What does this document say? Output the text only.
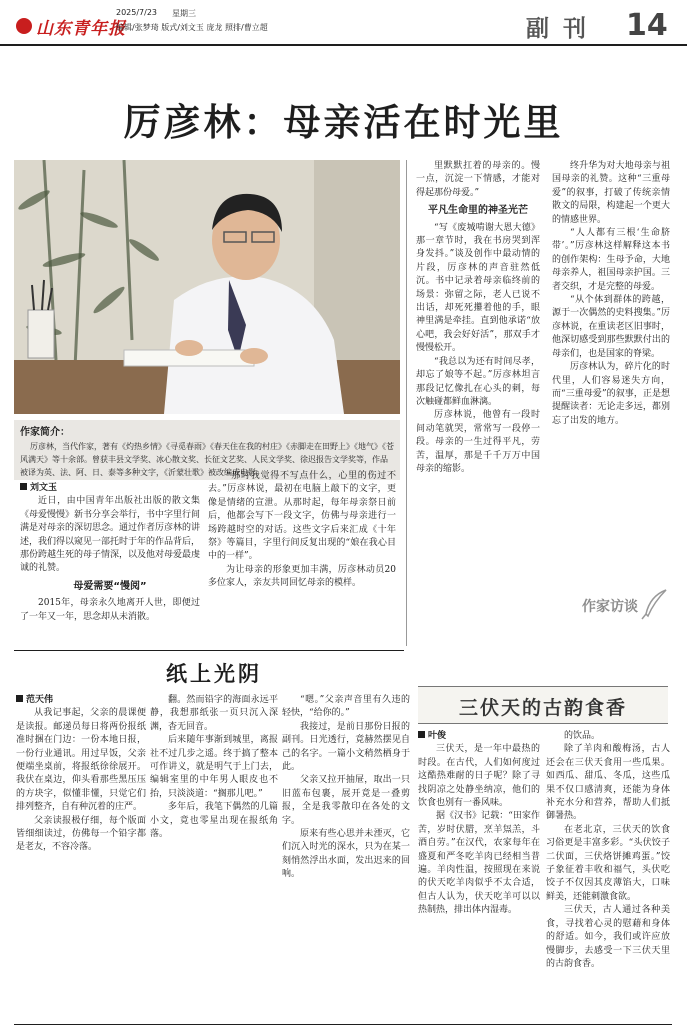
山东青年报
2025/7/23 星期三
编辑/张梦琦 版式/刘文玉 庞龙 照排/曹立超	副刊 14
厉彦林：母亲活在时光里
作家简介：
厉彦林，当代作家，著有《灼热乡情》《寻觅春雨》《春天住在我的村庄》《赤脚走在田野上》《地气》《苍风满天》等十余部。曾获丰县文学奖、冰心散文奖、长征文艺奖、人民文学奖、徐迟报告文学奖等，作品被译为英、法、阿、日、泰等多种文字，《沂蒙壮歌》被改编成电影。
刘文玉

近日，由中国青年出版社出版的散文集《母爱慢慢》新书分享会举行，书中字里行间满是对母亲的深切思念。通过作者厉彦林的讲述，我们得以窥见一部托时于年的作品背后，那份跨越生死的母子情深，以及他对母爱最虔诚的礼赞。

母爱需要“慢阅”

2015年，母亲永久地离开人世，即便过了一年又一年，思念却从未消散。

“那时我觉得不写点什么，心里的伤过不去。”厉彦林说，最初在电脑上敲下的文字，更像是情绪的宣泄。从那时起，每年母亲祭日前后，他都会写下一段文字，仿佛与母亲进行一场跨越时空的对话。这些文字后来汇成《十年祭》等篇目，字里行间反复出现的“娘在我心目中的一样”。

为让母亲的形象更加丰满，厉彦林动员20多位家人，亲友共同回忆母亲的模样。

里默默扛着的母亲的。慢一点，沉淀一下情感，才能对得起那份母爱。”

平凡生命里的神圣光芒

“写《废城啃谢大恩大德》那一章节时，我在书房哭到浑身发抖。”谈及创作中最动情的片段，厉彦林的声音驻然低沉。书中记录着母亲临终前的场景：弥留之际，老人已说不出话，却死死攥着他的手，眼神里满是牵挂。直到他承诺“放心吧，我会好好活”，那双手才慢慢松开。

“我总以为还有时间尽孝，却忘了娘等不起。”厉彦林坦言那段记忆像扎在心头的刺，每次触碰都鲜血淋漓。

厉彦林说，他曾有一段时间动笔就哭，常常写一段停一段。母亲的一生过得平凡，劳苦，温厚，那是千千万万中国母亲的缩影。

终升华为对大地母亲与祖国母亲的礼赞。这种“三重母爱”的叙事，打破了传统亲情散文的局限，构建起一个更大的情感世界。

“人人都有三根‘生命脐带’。”厉彦林这样解释这本书的创作架构：生母予命，大地母亲养人，祖国母亲护国。三者交织，才是完整的母爱。

“从个体到群体的跨越，源于一次偶然的史料搜集。”厉彦林说，在重读老区旧事时，他深切感受到那些默默付出的母亲们，也是国家的脊梁。

厉彦林认为，碎片化的时代里，人们容易迷失方向，而“三重母爱”的叙事，正是想提醒读者：无论走多远，都别忘了出发的地方。

作家访谈
纸上光阴
范天伟

从我记事起，父亲的晨课便是读报。邮递员每日将两份报纸准时捆在门边：一份本地日报，一份行业通讯。用过早饭，父亲便端坐桌前，将报纸徐徐展开。我伏在桌边，仰头看那些黑压压的方块字，似懂非懂，只觉它们排列整齐，自有种沉着的庄严。

父亲读报极仔细，每个版面皆细细读过，仿佛每一个铅字都是老友，不容冷落。

翻。然而铅字的海面永远平静，我想那纸张一页只沉入深渊，杳无回音。

后来随年事渐到城里，离报社不过几步之遥。终于搞了整本可作讲义，就是明气于上门去，编辑室里的中年男人眼皮也不抬，只淡淡道：“搁那儿吧。”

多年后，我笔下偶然的几篇小文，竟也零星出现在报纸角落。

“嗯。”父亲声音里有久违的轻快，“给你的。”

我接过，是前日那份日报的副刊。日光透行，竟赫然摆见自己的名字。一篇小文稍然栖身于此。

父亲又拉开抽屉，取出一只旧蓝布包裹，展开竟是一叠剪报，全是我零散印在各处的文字。

原来有些心思并未湮灭，它们沉入时光的深水，只为在某一刻悄然浮出水面，发出迟来的回响。

三伏天的古韵食香
叶俊

三伏天，是一年中最热的时段。在古代，人们如何度过这酷热难耐的日子呢？除了寻找阴凉之处静坐纳凉，他们的饮食也别有一番风味。

据《汉书》记载：“田家作苦，岁时伏腊，烹羊炰羔，斗酒自劳。”在汉代，农家每年在盛夏和严冬吃羊肉已经相当普遍。羊肉性温，按照现在来说的伏天吃羊肉似乎不太合适，但古人认为，伏天吃羊可以以热制热，排出体内湿毒。

的饮品。

除了羊肉和酸梅汤，古人还会在三伏天食用一些瓜果。如西瓜、甜瓜、冬瓜，这些瓜果不仅口感清爽，还能为身体补充水分和营养，帮助人们抵御暑热。

在老北京，三伏天的饮食习俗更是丰富多彩。“头伏饺子二伏面，三伏烙饼摊鸡蛋。”饺子象征着丰收和福气，头伏吃饺子不仅因其皮薄馅大，口味鲜美，还能刺激食欲。

三伏天，古人通过各种美食，寻找着心灵的慰藉和身体的舒适。如今，我们或许应放慢脚步，去感受一下三伏天里的古韵食香。
